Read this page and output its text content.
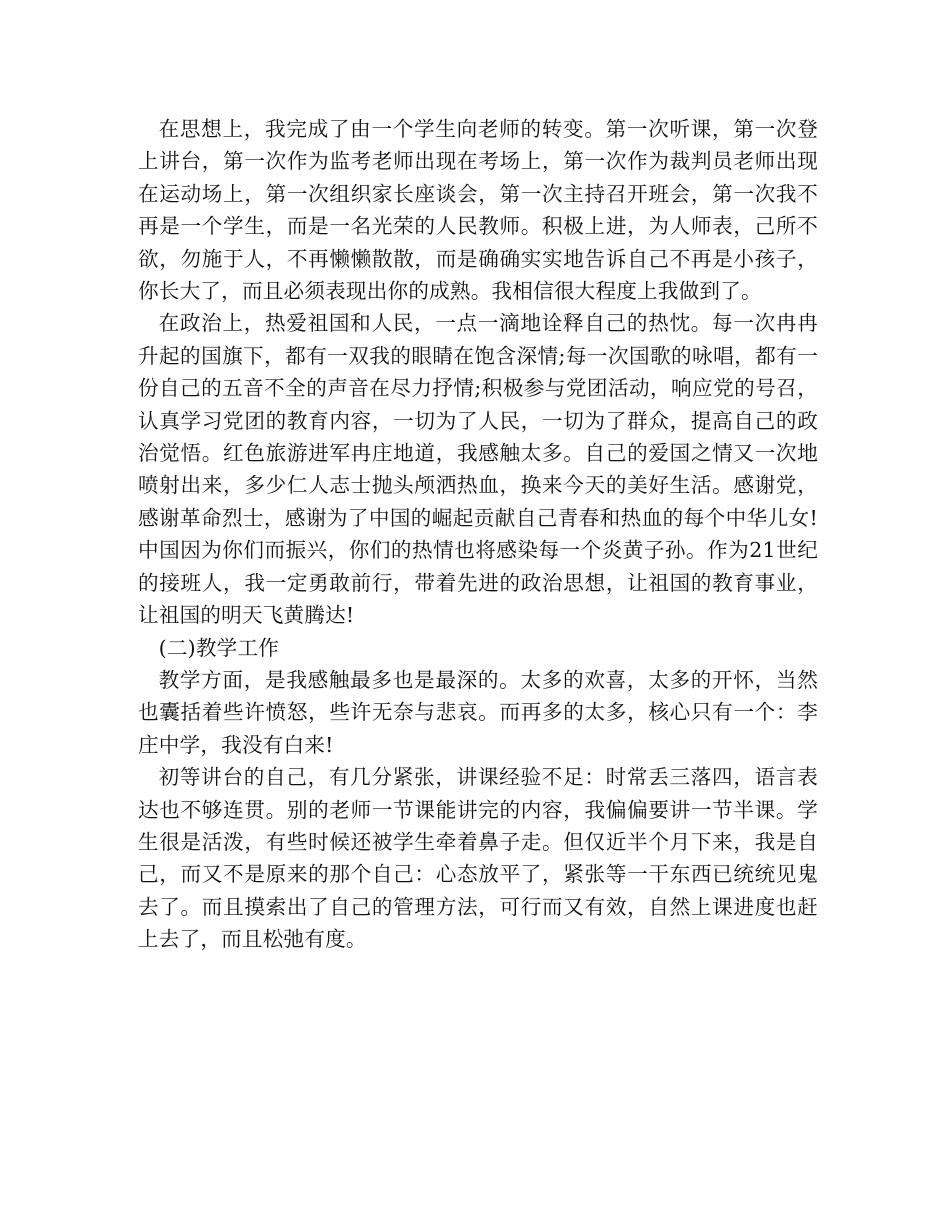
在思想上，我完成了由一个学生向老师的转变。第一次听课，第一次登上讲台，第一次作为监考老师出现在考场上，第一次作为裁判员老师出现在运动场上，第一次组织家长座谈会，第一次主持召开班会，第一次我不再是一个学生，而是一名光荣的人民教师。积极上进，为人师表，己所不欲，勿施于人，不再懒懒散散，而是确确实实地告诉自己不再是小孩子，你长大了，而且必须表现出你的成熟。我相信很大程度上我做到了。

在政治上，热爱祖国和人民，一点一滴地诠释自己的热忱。每一次冉冉升起的国旗下，都有一双我的眼睛在饱含深情;每一次国歌的咏唱，都有一份自己的五音不全的声音在尽力抒情;积极参与党团活动，响应党的号召，认真学习党团的教育内容，一切为了人民，一切为了群众，提高自己的政治觉悟。红色旅游进军冉庄地道，我感触太多。自己的爱国之情又一次地喷射出来，多少仁人志士抛头颅洒热血，换来今天的美好生活。感谢党，感谢革命烈士，感谢为了中国的崛起贡献自己青春和热血的每个中华儿女!中国因为你们而振兴，你们的热情也将感染每一个炎黄子孙。作为21世纪的接班人，我一定勇敢前行，带着先进的政治思想，让祖国的教育事业，让祖国的明天飞黄腾达!

(二)教学工作

教学方面，是我感触最多也是最深的。太多的欢喜，太多的开怀，当然也囊括着些许愤怒，些许无奈与悲哀。而再多的太多，核心只有一个：李庄中学，我没有白来!

初等讲台的自己，有几分紧张，讲课经验不足：时常丢三落四，语言表达也不够连贯。别的老师一节课能讲完的内容，我偏偏要讲一节半课。学生很是活泼，有些时候还被学生牵着鼻子走。但仅近半个月下来，我是自己，而又不是原来的那个自己：心态放平了，紧张等一干东西已统统见鬼去了。而且摸索出了自己的管理方法，可行而又有效，自然上课进度也赶上去了，而且松弛有度。
